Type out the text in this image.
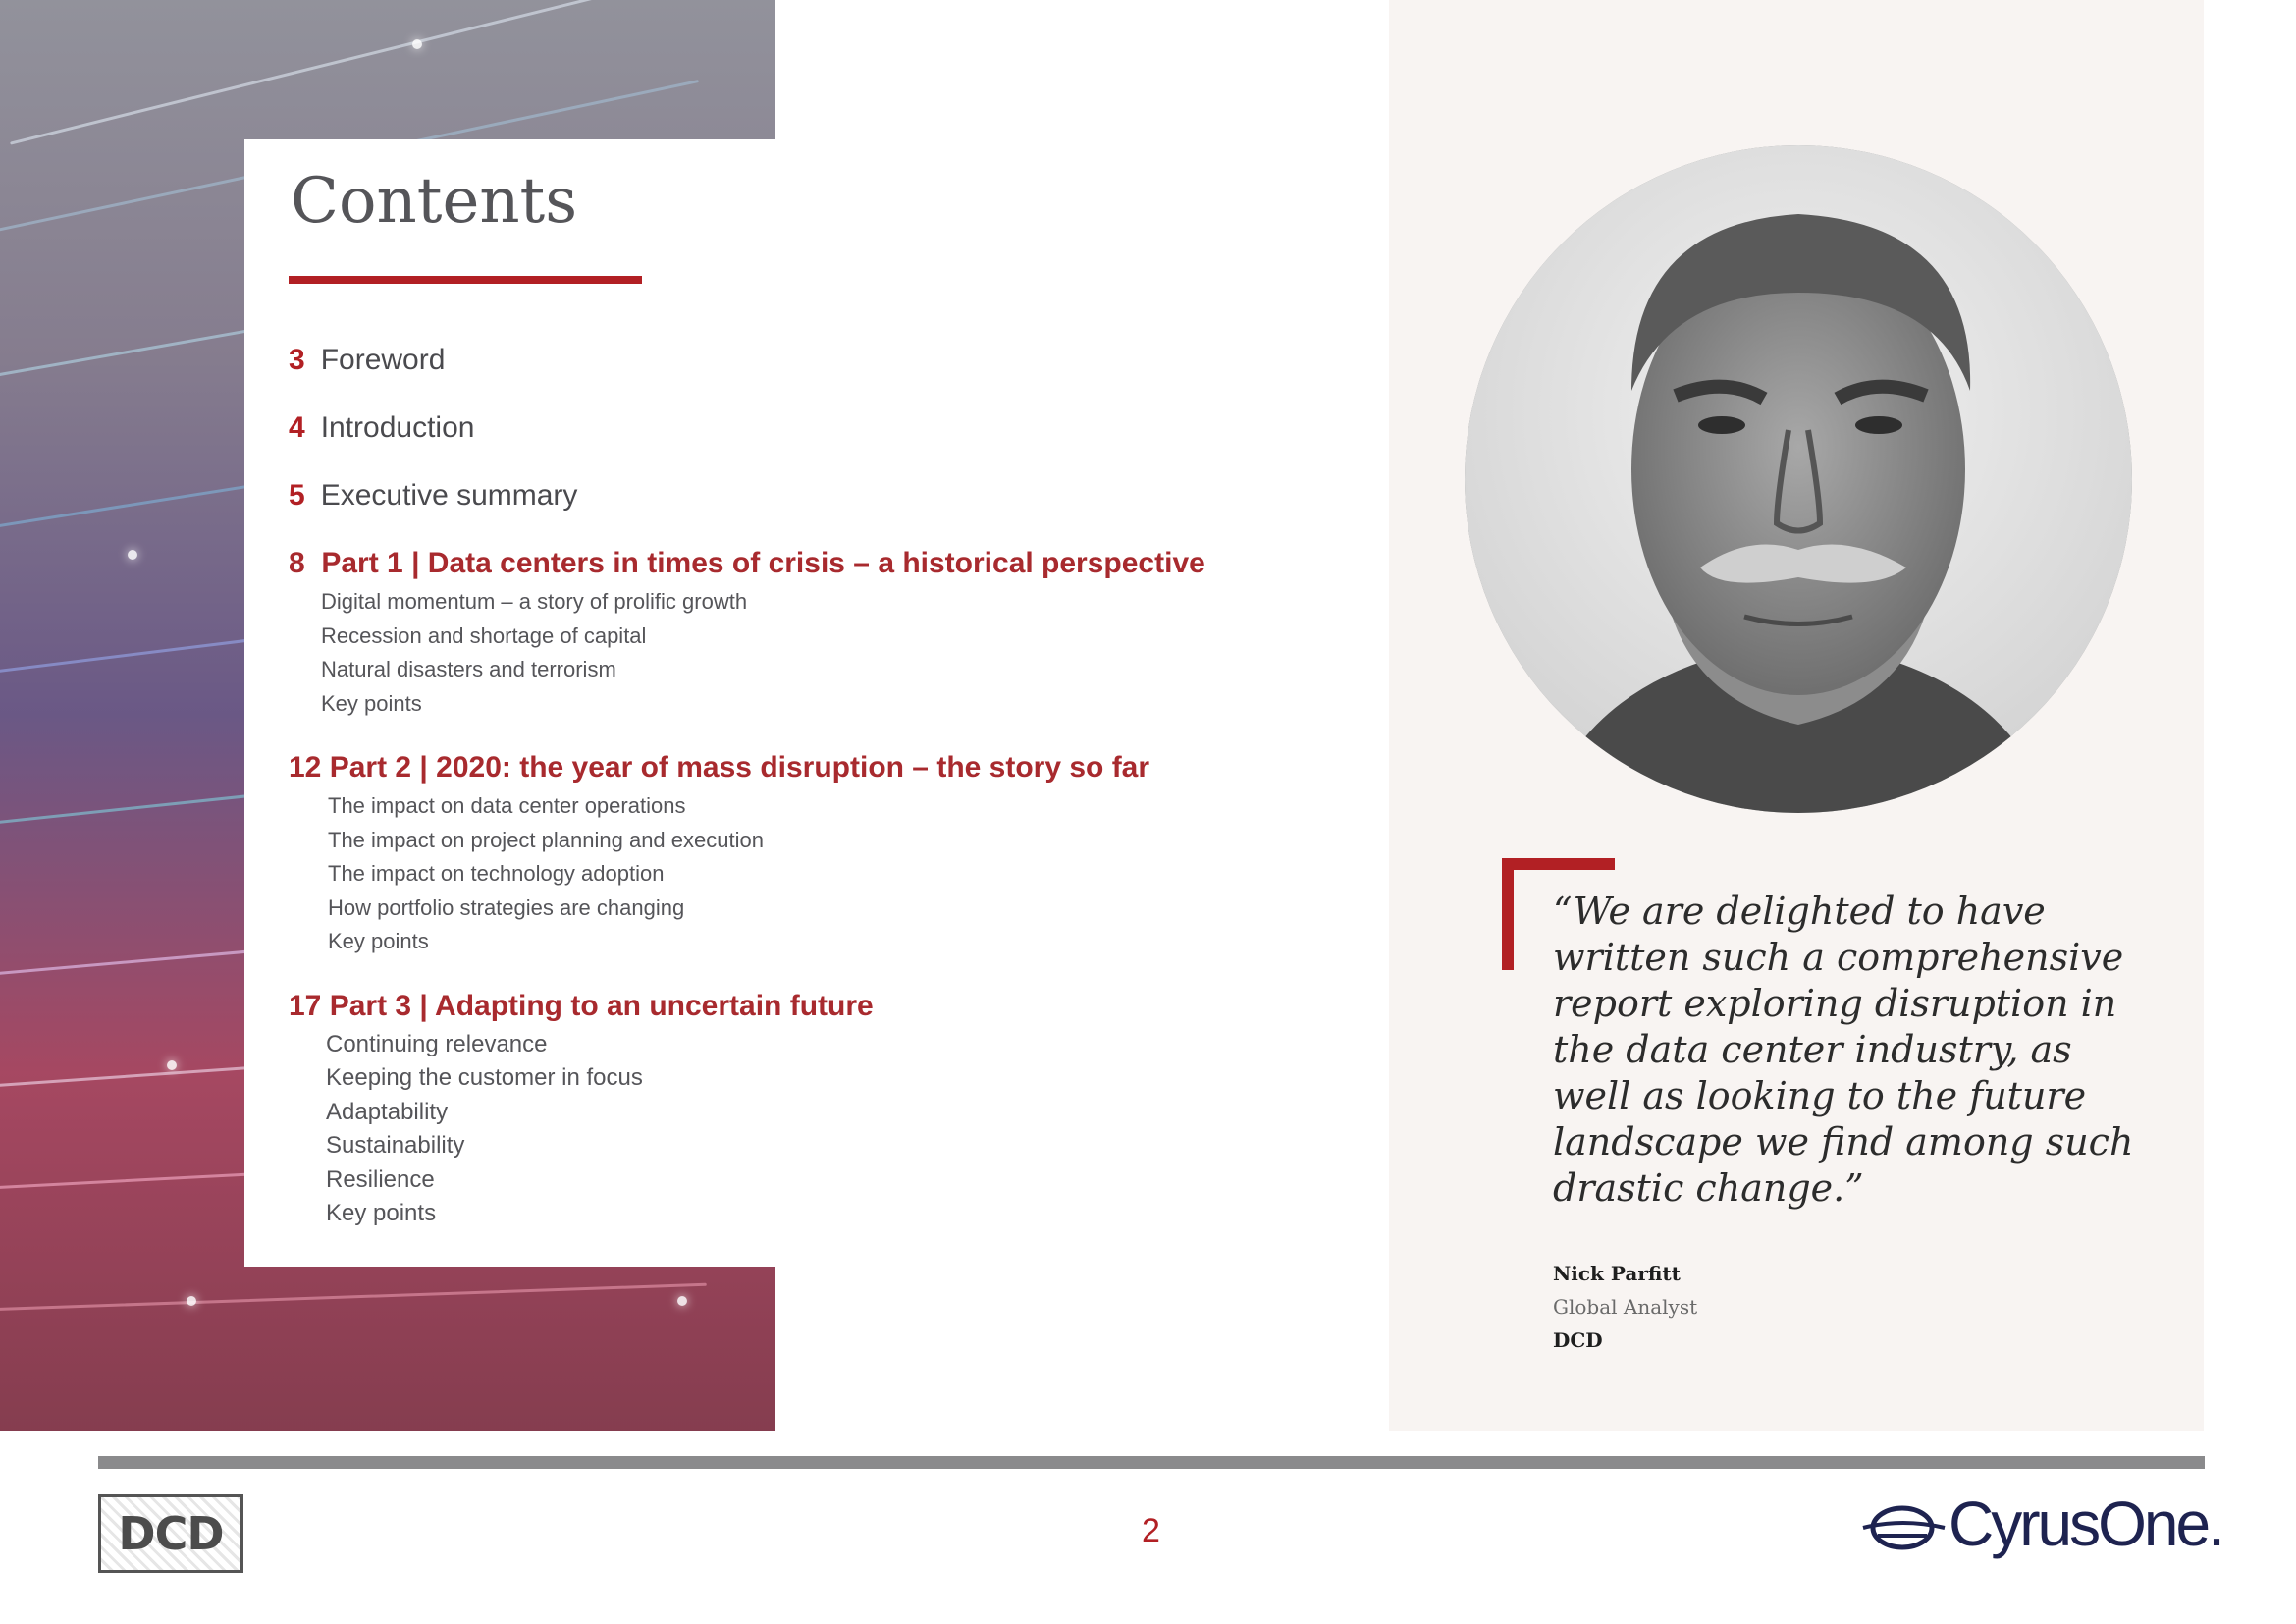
Contents
3 Foreword
4 Introduction
5 Executive summary
8  Part 1 | Data centers in times of crisis – a historical perspective
Digital momentum – a story of prolific growth
Recession and shortage of capital
Natural disasters and terrorism
Key points
12 Part 2 | 2020: the year of mass disruption – the story so far
The impact on data center operations
The impact on project planning and execution
The impact on technology adoption
How portfolio strategies are changing
Key points
17 Part 3 | Adapting to an uncertain future
Continuing relevance
Keeping the customer in focus
Adaptability
Sustainability
Resilience
Key points

“We are delighted to have written such a comprehensive report exploring disruption in the data center industry, as well as looking to the future landscape we find among such drastic change.”

Nick Parfitt
Global Analyst
DCD
DCD	2	CyrusOne.
